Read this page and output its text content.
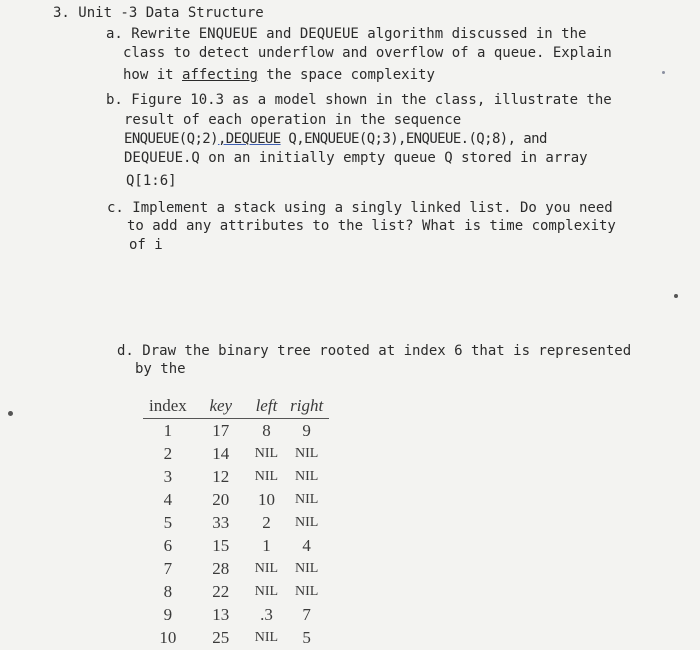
3. Unit -3 Data Structure
a. Rewrite ENQUEUE and DEQUEUE algorithm discussed in the
class to detect underflow and overflow of a queue. Explain
how it affecting the space complexity
b. Figure 10.3 as a model shown in the class, illustrate the
result of each operation in the sequence
ENQUEUE(Q;2),DEQUEUE Q,ENQUEUE(Q;3),ENQUEUE.(Q;8), and
DEQUEUE.Q on an initially empty queue Q stored in array
Q[1:6]
c. Implement a stack using a singly linked list. Do you need
to add any attributes to the list? What is time complexity
of i
d. Draw the binary tree rooted at index 6 that is represented
by the
index	key	left	right
1	17	8	9
2	14	NIL	NIL
3	12	NIL	NIL
4	20	10	NIL
5	33	2	NIL
6	15	1	4
7	28	NIL	NIL
8	22	NIL	NIL
9	13	.3	7
10	25	NIL	5
